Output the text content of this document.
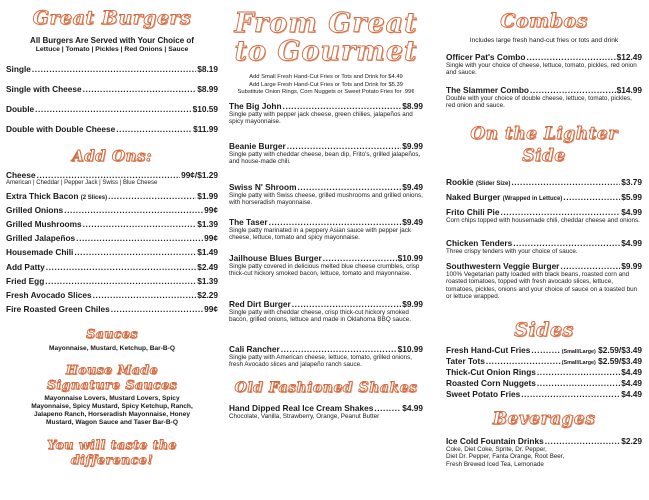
Great Burgers
All Burgers Are Served with Your Choice of
Lettuce | Tomato | Pickles | Red Onions | Sauce
Single .....	$8.19
Single with Cheese .....	$8.99
Double .....	$10.59
Double with Double Cheese .....	$11.99
Add Ons:
Cheese .....	99¢/$1.29
American | Cheddar | Pepper Jack | Swiss | Blue Cheese
Extra Thick Bacon (2 Slices) .....	$1.99
Grilled Onions .....	99¢
Grilled Mushrooms .....	$1.39
Grilled Jalapeños .....	99¢
Housemade Chili .....	$1.49
Add Patty .....	$2.49
Fried Egg .....	$1.39
Fresh Avocado Slices .....	$2.29
Fire Roasted Green Chiles .....	99¢
Sauces
Mayonnaise, Mustard, Ketchup, Bar-B-Q
House Made
Signature Sauces
Mayonnaise Lovers, Mustard Lovers, Spicy
Mayonnaise, Spicy Mustard, Spicy Ketchup, Ranch,
Jalapeno Ranch, Horseradish Mayonnaise, Honey
Mustard, Wagon Sauce and Taser Bar-B-Q
You will taste the difference!
From Great
to Gourmet
Add Small Fresh Hand-Cut Fries or Tots and Drink for $4.49
Add Large Fresh Hand-Cut Fries or Tots and Drink for $5.39
Substitute Onion Rings, Corn Nuggets or Sweet Potato Fries for .99¢
The Big John .....	$8.99
Single patty with pepper jack cheese, green chilies, jalapeños and spicy mayonnaise.
Beanie Burger .....	$9.99
Single patty with cheddar cheese, bean dip, Frito's, grilled jalapeños, and house-made chili.
Swiss N' Shroom .....	$9.49
Single patty with Swiss cheese, grilled mushrooms and grilled onions, with horseradish mayonnaise.
The Taser .....	$9.49
Single patty marinated in a peppery Asian sauce with pepper jack cheese, lettuce, tomato and spicy mayonnaise.
Jailhouse Blues Burger .....	$10.99
Single patty covered in delicious melted blue cheese crumbles, crisp thick-cut hickory smoked bacon, lettuce, tomato and mayonnaise.
Red Dirt Burger .....	$9.99
Single patty with cheddar cheese, crisp thick-cut hickory smoked bacon, grilled onions, lettuce and made in Oklahoma BBQ sauce.
Cali Rancher .....	$10.99
Single patty with American cheese, lettuce, tomato, grilled onions, fresh Avocado slices and jalapeño ranch sauce.
Old Fashioned Shakes
Hand Dipped Real Ice Cream Shakes .....	$4.99
Chocolate, Vanilla, Strawberry, Orange, Peanut Butter
Combos
Includes large fresh hand-cut fries or tots and drink
Officer Pat's Combo .....	$12.49
Single with your choice of cheese, lettuce, tomato, pickles, red onion and sauce.
The Slammer Combo .....	$14.99
Double with your choice of double cheese, lettuce, tomato, pickles, red onion and sauce.
On the Lighter Side
Rookie (Slider Size) .....	$3.79
Naked Burger (Wrapped in Lettuce) .....	$5.99
Frito Chili Pie .....	$4.99
Corn chips topped with housemade chili, cheddar cheese and onions.
Chicken Tenders .....	$4.99
Three crispy tenders with your choice of sauce.
Southwestern Veggie Burger .....	$9.99
100% Vegetarian patty loaded with black beans, roasted corn and roasted tomatoes, topped with fresh avocado slices, lettuce, tomatoes, pickles, onions and your choice of sauce on a toasted bun or lettuce wrapped.
Sides
Fresh Hand-Cut Fries .....	(Small/Large) $2.59/$3.49
Tater Tots .....	(Small/Large) $2.59/$3.49
Thick-Cut Onion Rings .....	$4.49
Roasted Corn Nuggets .....	$4.49
Sweet Potato Fries .....	$4.49
Beverages
Ice Cold Fountain Drinks .....	$2.29
Coke, Diet Coke, Sprite, Dr. Pepper,
Diet Dr. Pepper, Fanta Orange, Root Beer,
Fresh Brewed Iced Tea, Lemonade
